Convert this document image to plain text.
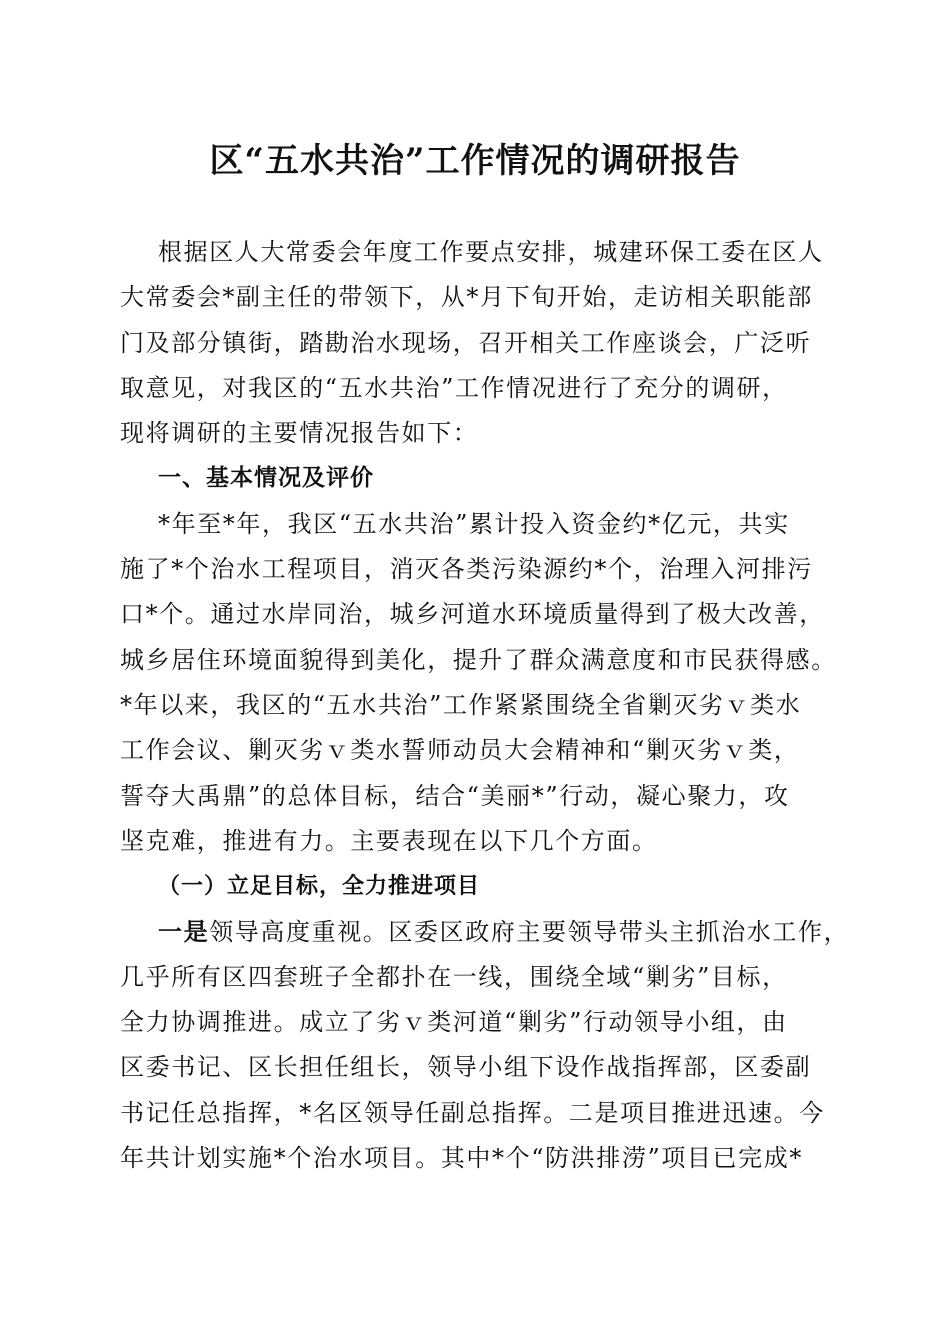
区“五水共治”工作情况的调研报告
根据区人大常委会年度工作要点安排，城建环保工委在区人
大常委会*副主任的带领下，从*月下旬开始，走访相关职能部
门及部分镇街，踏勘治水现场，召开相关工作座谈会，广泛听
取意见，对我区的“五水共治”工作情况进行了充分的调研，
现将调研的主要情况报告如下：
一、基本情况及评价
*年至*年，我区“五水共治”累计投入资金约*亿元，共实
施了*个治水工程项目，消灭各类污染源约*个，治理入河排污
口*个。通过水岸同治，城乡河道水环境质量得到了极大改善，
城乡居住环境面貌得到美化，提升了群众满意度和市民获得感。
*年以来，我区的“五水共治”工作紧紧围绕全省剿灭劣ｖ类水
工作会议、剿灭劣ｖ类水誓师动员大会精神和“剿灭劣ｖ类，
誓夺大禹鼎”的总体目标，结合“美丽*”行动，凝心聚力，攻
坚克难，推进有力。主要表现在以下几个方面。
（一）立足目标，全力推进项目
一是领导高度重视。区委区政府主要领导带头主抓治水工作，
几乎所有区四套班子全都扑在一线，围绕全域“剿劣”目标，
全力协调推进。成立了劣ｖ类河道“剿劣”行动领导小组，由
区委书记、区长担任组长，领导小组下设作战指挥部，区委副
书记任总指挥，*名区领导任副总指挥。二是项目推进迅速。今
年共计划实施*个治水项目。其中*个“防洪排涝”项目已完成*
